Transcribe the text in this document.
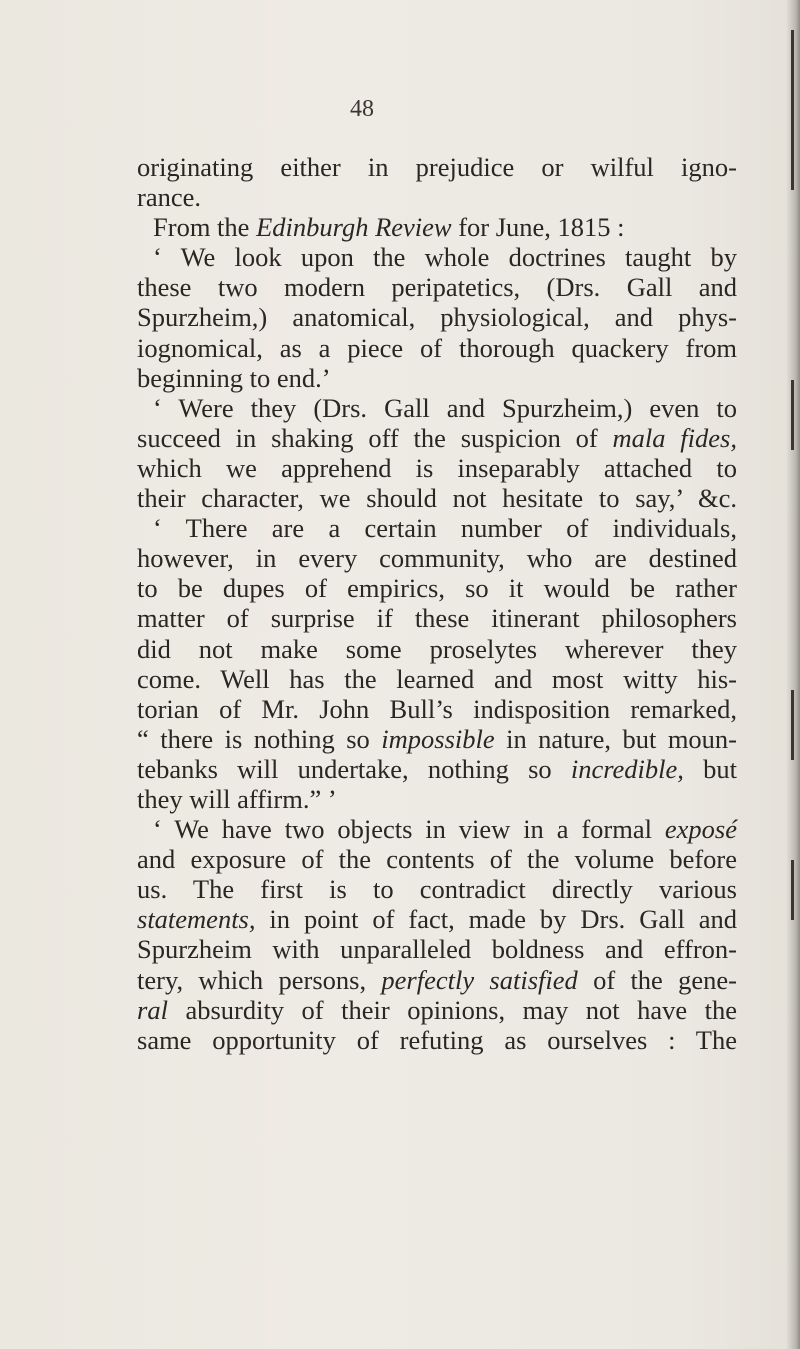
48
originating either in prejudice or wilful igno-
rance.
From the Edinburgh Review for June, 1815 :
‘ We look upon the whole doctrines taught by
these two modern peripatetics, (Drs. Gall and
Spurzheim,) anatomical, physiological, and phys-
iognomical, as a piece of thorough quackery from
beginning to end.’
‘ Were they (Drs. Gall and Spurzheim,) even to
succeed in shaking off the suspicion of mala fides,
which we apprehend is inseparably attached to
their character, we should not hesitate to say,’ &c.
‘ There are a certain number of individuals,
however, in every community, who are destined
to be dupes of empirics, so it would be rather
matter of surprise if these itinerant philosophers
did not make some proselytes wherever they
come. Well has the learned and most witty his-
torian of Mr. John Bull’s indisposition remarked,
“ there is nothing so impossible in nature, but moun-
tebanks will undertake, nothing so incredible, but
they will affirm.” ’
‘ We have two objects in view in a formal exposé
and exposure of the contents of the volume before
us. The first is to contradict directly various
statements, in point of fact, made by Drs. Gall and
Spurzheim with unparalleled boldness and effron-
tery, which persons, perfectly satisfied of the gene-
ral absurdity of their opinions, may not have the
same opportunity of refuting as ourselves : The
